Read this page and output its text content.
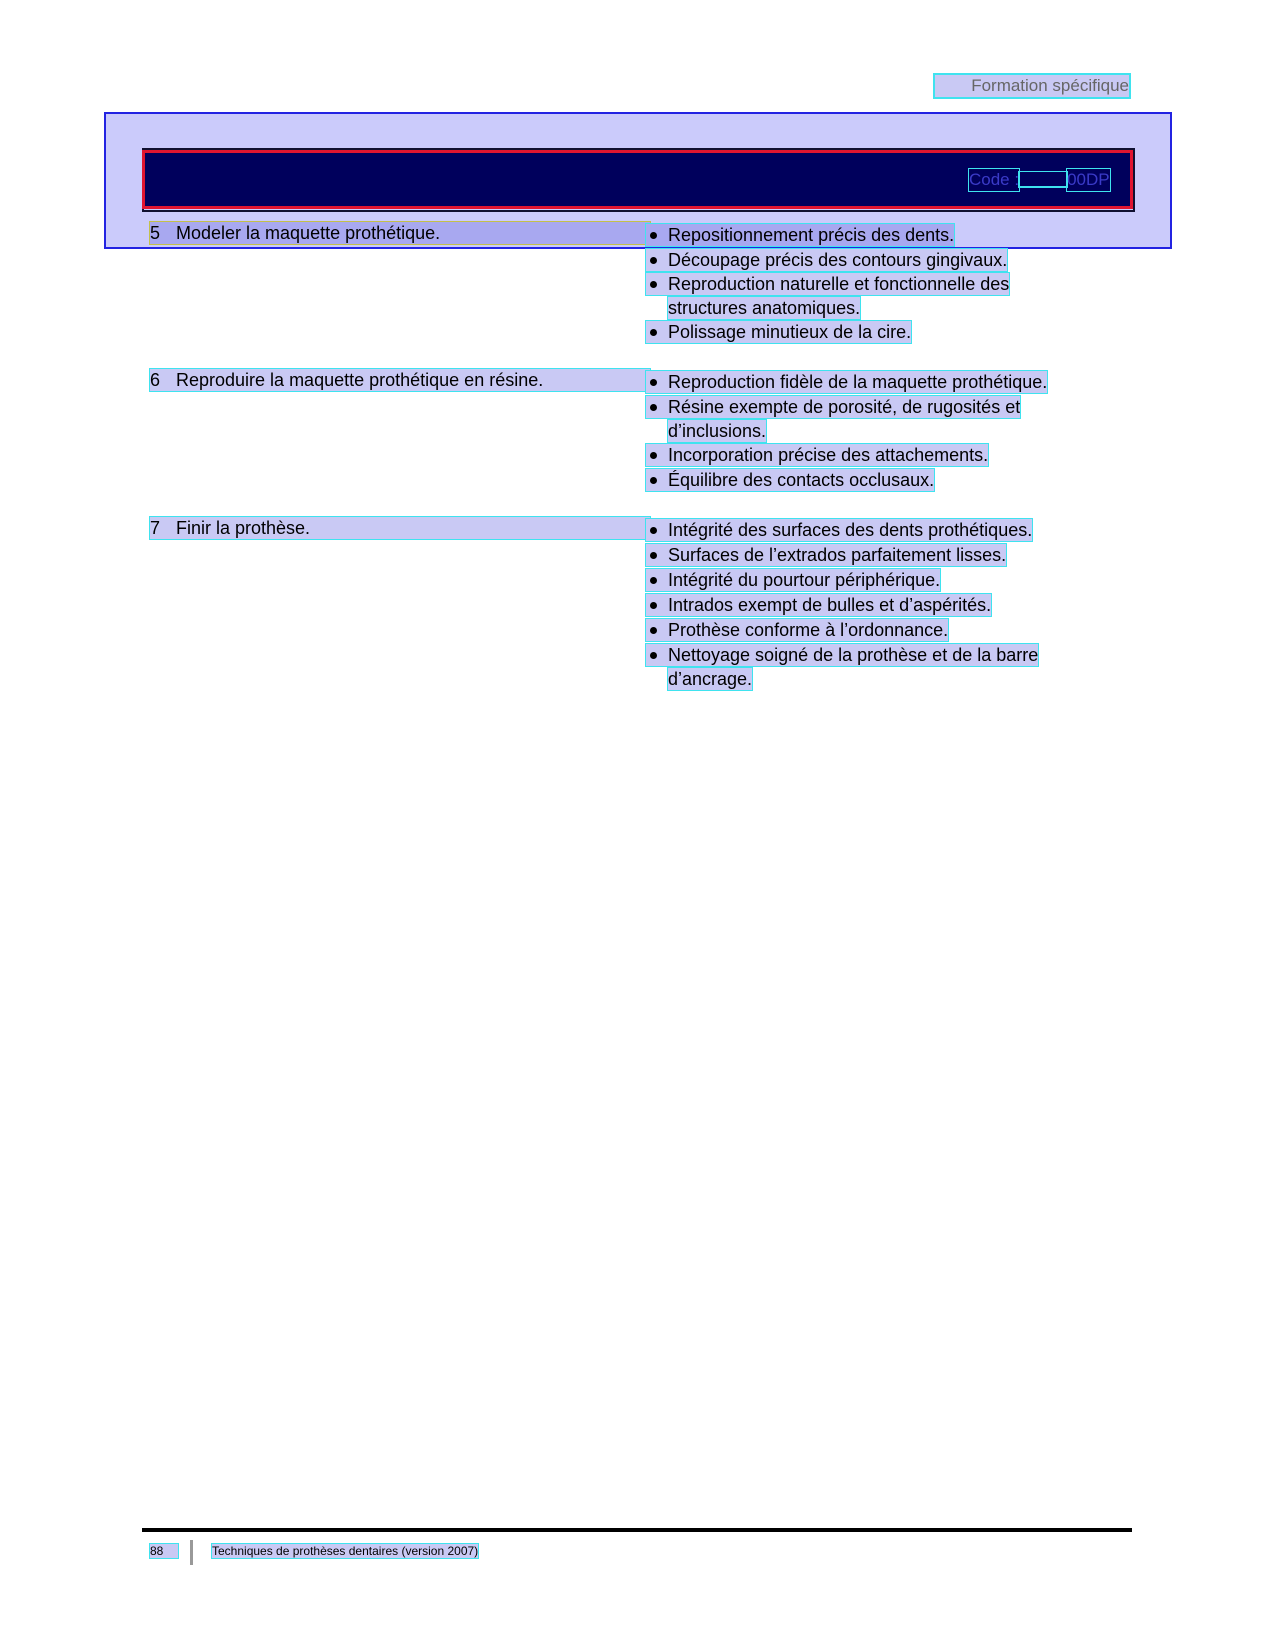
Formation spécifique
Code :	00DP
5 Modeler la maquette prothétique.	Repositionnement précis des dents.
Découpage précis des contours gingivaux.
Reproduction naturelle et fonctionnelle des
structures anatomiques.
Polissage minutieux de la cire.
6 Reproduire la maquette prothétique en résine.	Reproduction fidèle de la maquette prothétique.
Résine exempte de porosité, de rugosités et
d’inclusions.
Incorporation précise des attachements.
Équilibre des contacts occlusaux.
7 Finir la prothèse.	Intégrité des surfaces des dents prothétiques.
Surfaces de l’extrados parfaitement lisses.
Intégrité du pourtour périphérique.
Intrados exempt de bulles et d’aspérités.
Prothèse conforme à l’ordonnance.
Nettoyage soigné de la prothèse et de la barre
d’ancrage.
88	Techniques de prothèses dentaires (version 2007)
